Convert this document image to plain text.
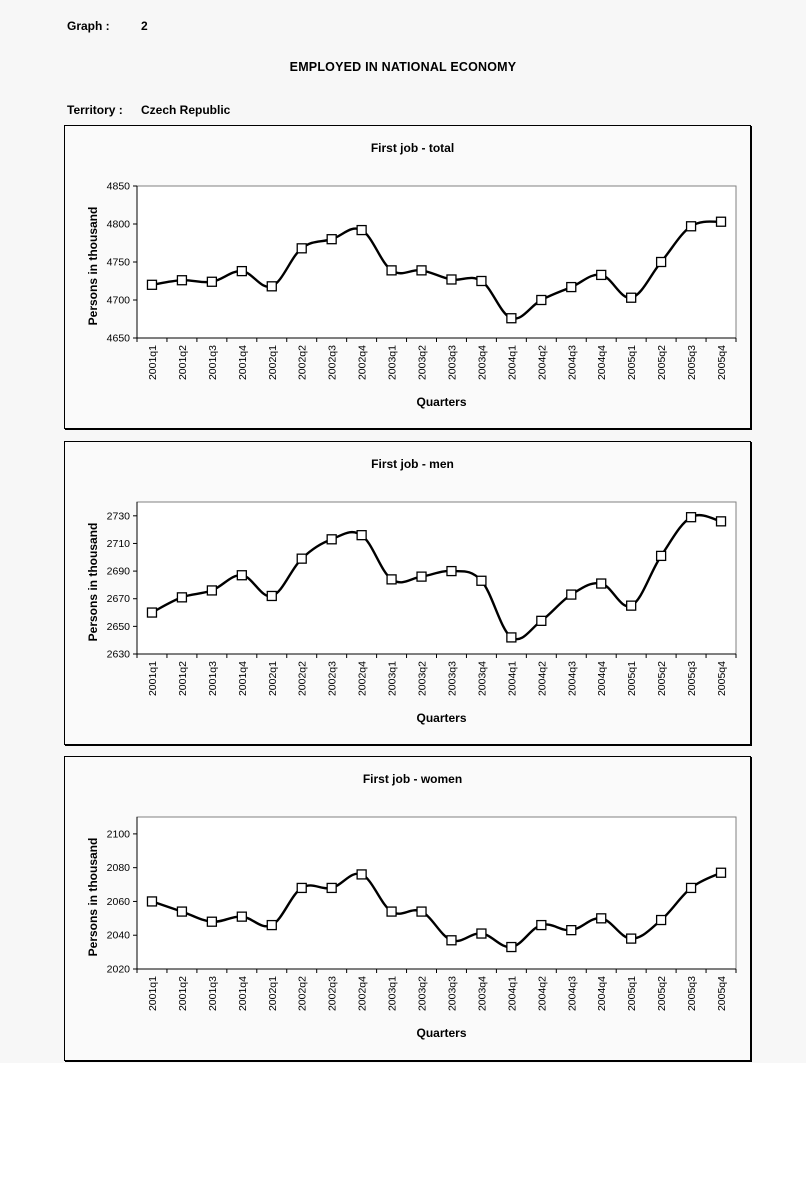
Graph :	2
EMPLOYED IN NATIONAL ECONOMY
Territory : Czech Republic
First job - total
4650
4700
4750
4800
4850
2001q1 2001q2 2001q3 2001q4 2002q1 2002q2 2002q3 2002q4 2003q1 2003q2 2003q3 2003q4 2004q1 2004q2 2004q3 2004q4 2005q1 2005q2 2005q3 2005q4
Quarters
Persons in thousand
First job - men
2630
2650
2670
2690
2710
2730
2001q1 2001q2 2001q3 2001q4 2002q1 2002q2 2002q3 2002q4 2003q1 2003q2 2003q3 2003q4 2004q1 2004q2 2004q3 2004q4 2005q1 2005q2 2005q3 2005q4
Quarters
Persons in thousand
First job - women
2020
2040
2060
2080
2100
2001q1 2001q2 2001q3 2001q4 2002q1 2002q2 2002q3 2002q4 2003q1 2003q2 2003q3 2003q4 2004q1 2004q2 2004q3 2004q4 2005q1 2005q2 2005q3 2005q4
Quarters
Persons in thousand
